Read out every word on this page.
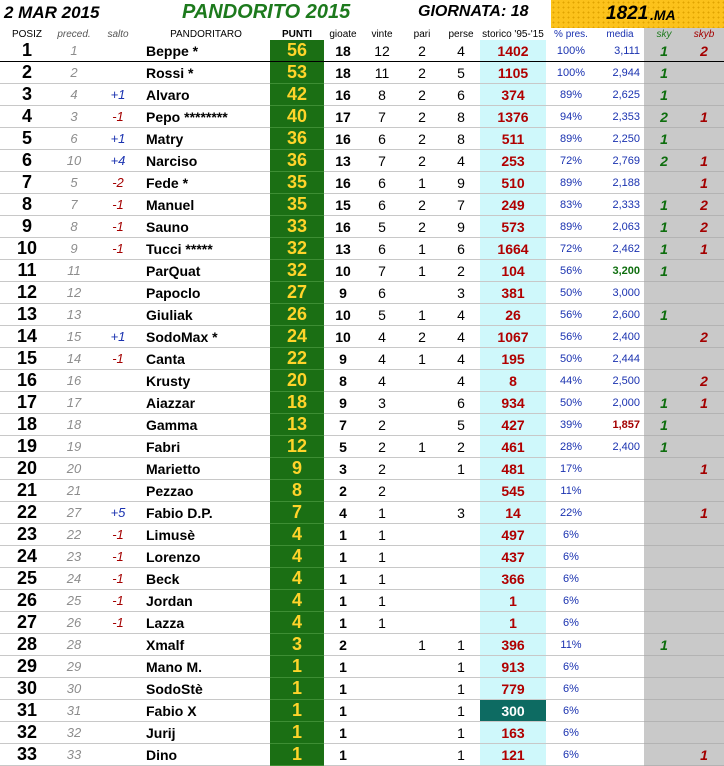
2 MAR 2015	PANDORITO 2015	GIORNATA: 18	1821 .MA
POSIZ	preced.	salto	PANDORITARO	PUNTI	gioate	vinte	pari	perse	storico '95-'15	% pres.	media	sky	skyb
1	1		Beppe *	56	18	12	2	4	1402	100%	3,111	1	2
2	2		Rossi *	53	18	11	2	5	1105	100%	2,944	1	
3	4	+1	Alvaro	42	16	8	2	6	374	89%	2,625	1	
4	3	-1	Pepo ********	40	17	7	2	8	1376	94%	2,353	2	1
5	6	+1	Matry	36	16	6	2	8	511	89%	2,250	1	
6	10	+4	Narciso	36	13	7	2	4	253	72%	2,769	2	1
7	5	-2	Fede *	35	16	6	1	9	510	89%	2,188		1
8	7	-1	Manuel	35	15	6	2	7	249	83%	2,333	1	2
9	8	-1	Sauno	33	16	5	2	9	573	89%	2,063	1	2
10	9	-1	Tucci *****	32	13	6	1	6	1664	72%	2,462	1	1
11	11		ParQuat	32	10	7	1	2	104	56%	3,200	1	
12	12		Papoclo	27	9	6		3	381	50%	3,000		
13	13		Giuliak	26	10	5	1	4	26	56%	2,600	1	
14	15	+1	SodoMax *	24	10	4	2	4	1067	56%	2,400		2
15	14	-1	Canta	22	9	4	1	4	195	50%	2,444		
16	16		Krusty	20	8	4		4	8	44%	2,500		2
17	17		Aiazzar	18	9	3		6	934	50%	2,000	1	1
18	18		Gamma	13	7	2		5	427	39%	1,857	1	
19	19		Fabri	12	5	2	1	2	461	28%	2,400	1	
20	20		Marietto	9	3	2		1	481	17%			1
21	21		Pezzao	8	2	2			545	11%			
22	27	+5	Fabio D.P.	7	4	1		3	14	22%			1
23	22	-1	Limusè	4	1	1			497	6%			
24	23	-1	Lorenzo	4	1	1			437	6%			
25	24	-1	Beck	4	1	1			366	6%			
26	25	-1	Jordan	4	1	1			1	6%			
27	26	-1	Lazza	4	1	1			1	6%			
28	28		Xmalf	3	2		1	1	396	11%		1	
29	29		Mano M.	1	1			1	913	6%			
30	30		SodoStè	1	1			1	779	6%			
31	31		Fabio X	1	1			1	300	6%			
32	32		Jurij	1	1			1	163	6%			
33	33		Dino	1	1			1	121	6%			1
